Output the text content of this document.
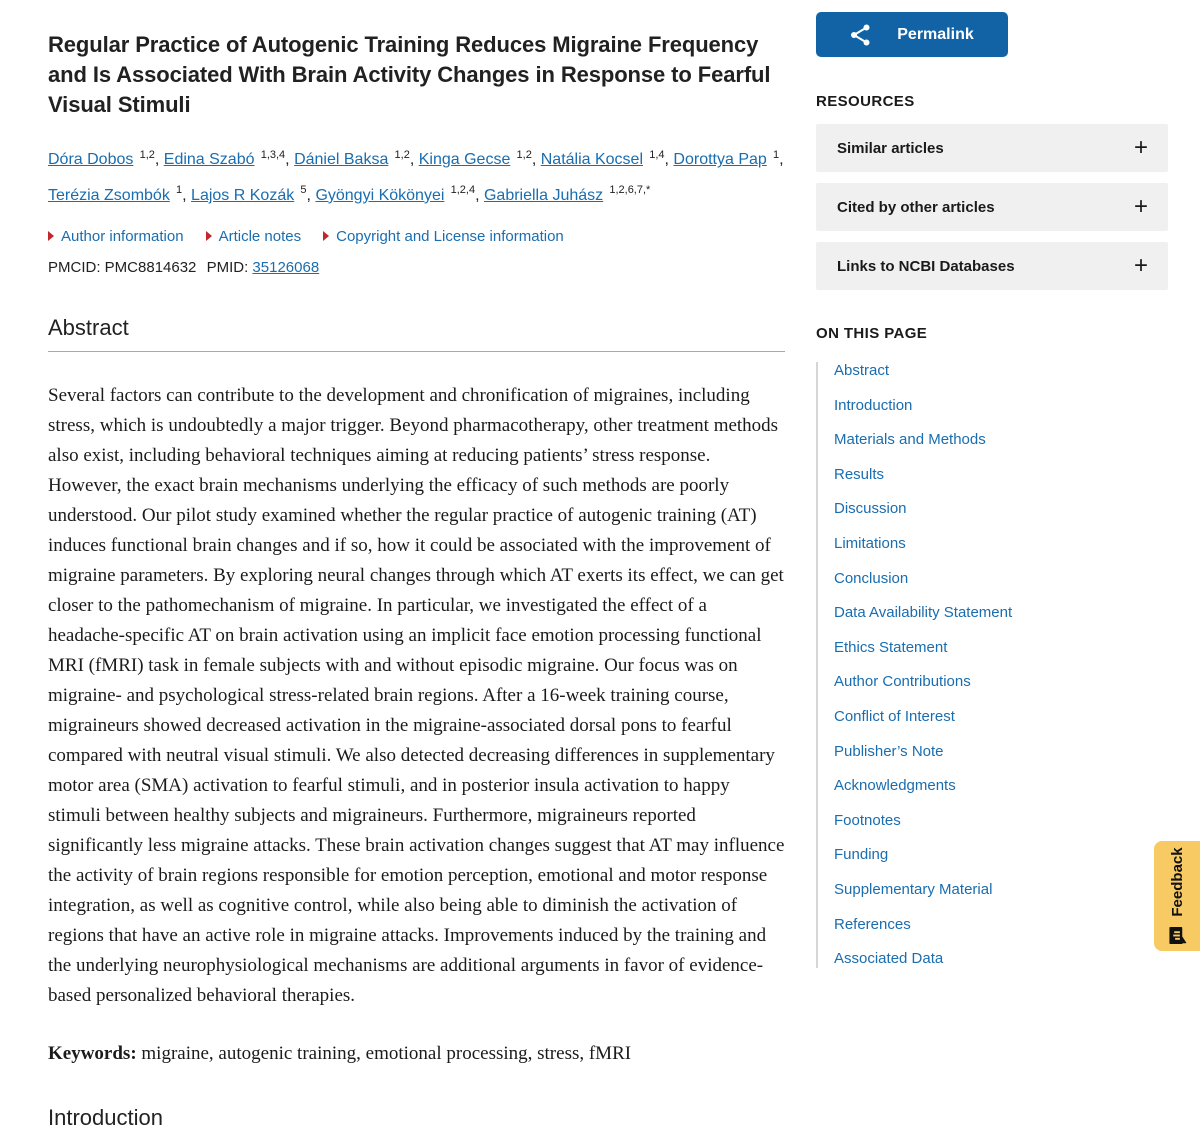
Regular Practice of Autogenic Training Reduces Migraine Frequency and Is Associated With Brain Activity Changes in Response to Fearful Visual Stimuli

Dóra Dobos  $^{1,2}$, Edina Szabó  $^{1,3,4}$, Dániel Baksa  $^{1,2}$, Kinga Gecse  $^{1,2}$, Natália Kocsel  $^{1,4}$, Dorottya Pap  $^1$, Terézia Zsombók  $^1$, Lajos R Kozák  $^5$, Gyöngyi Kökönyei  $^{1,2,4}$, Gabriella Juhász  $^{1,2,6,7,*}$

Author information Article notes Copyright and License information
PMCID: PMC8814632 PMID: 35126068
Abstract

Several factors can contribute to the development and chronification of migraines, including stress, which is undoubtedly a major trigger. Beyond pharmacotherapy, other treatment methods also exist, including behavioral techniques aiming at reducing patients’ stress response. However, the exact brain mechanisms underlying the efficacy of such methods are poorly understood. Our pilot study examined whether the regular practice of autogenic training (AT) induces functional brain changes and if so, how it could be associated with the improvement of migraine parameters. By exploring neural changes through which AT exerts its effect, we can get closer to the pathomechanism of migraine. In particular, we investigated the effect of a headache-specific AT on brain activation using an implicit face emotion processing functional MRI (fMRI) task in female subjects with and without episodic migraine. Our focus was on migraine- and psychological stress-related brain regions. After a 16-week training course, migraineurs showed decreased activation in the migraine-associated dorsal pons to fearful compared with neutral visual stimuli. We also detected decreasing differences in supplementary motor area (SMA) activation to fearful stimuli, and in posterior insula activation to happy stimuli between healthy subjects and migraineurs. Furthermore, migraineurs reported significantly less migraine attacks. These brain activation changes suggest that AT may influence the activity of brain regions responsible for emotion perception, emotional and motor response integration, as well as cognitive control, while also being able to diminish the activation of regions that have an active role in migraine attacks. Improvements induced by the training and the underlying neurophysiological mechanisms are additional arguments in favor of evidence-based personalized behavioral therapies.

Keywords: migraine, autogenic training, emotional processing, stress, fMRI

Introduction
Permalink
RESOURCES
Similar articles	+
Cited by other articles	+
Links to NCBI Databases	+
ON THIS PAGE
Abstract
Introduction
Materials and Methods
Results
Discussion
Limitations
Conclusion
Data Availability Statement
Ethics Statement
Author Contributions
Conflict of Interest
Publisher’s Note
Acknowledgments
Footnotes
Funding
Supplementary Material
References
Associated Data
Feedback
